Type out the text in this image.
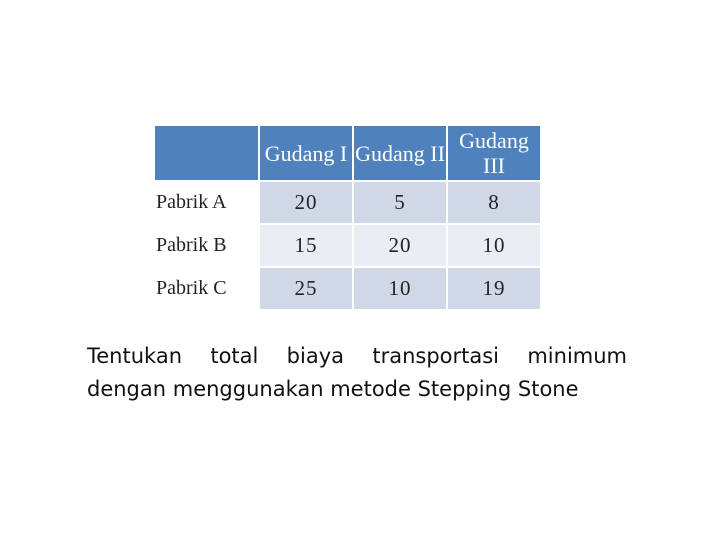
	Gudang I	Gudang II	Gudang III
Pabrik A	20	5	8
Pabrik B	15	20	10
Pabrik C	25	10	19

Tentukan total biaya transportasi minimum
dengan menggunakan metode Stepping Stone
